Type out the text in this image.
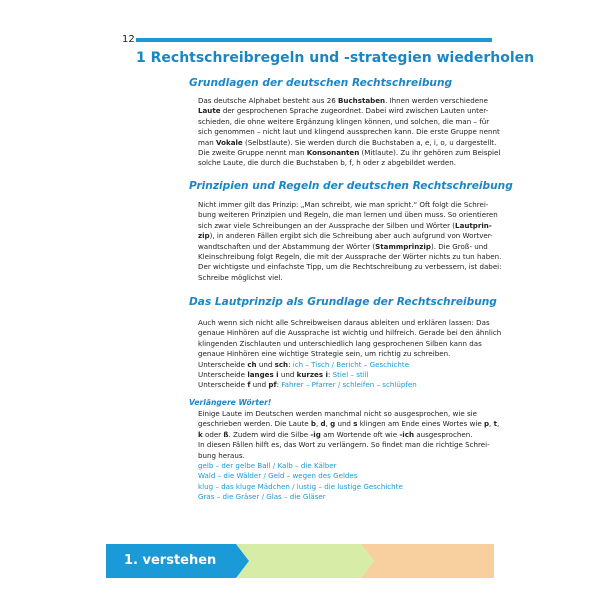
12
1 Rechtschreibregeln und -strategien wiederholen
Grundlagen der deutschen Rechtschreibung
Das deutsche Alphabet besteht aus 26 Buchstaben. Ihnen werden verschiedene
Laute der gesprochenen Sprache zugeordnet. Dabei wird zwischen Lauten unter-
schieden, die ohne weitere Ergänzung klingen können, und solchen, die man – für
sich genommen – nicht laut und klingend aussprechen kann. Die erste Gruppe nennt
man Vokale (Selbstlaute). Sie werden durch die Buchstaben a, e, i, o, u dargestellt.
Die zweite Gruppe nennt man Konsonanten (Mitlaute). Zu ihr gehören zum Beispiel
solche Laute, die durch die Buchstaben b, f, h oder z abgebildet werden.
Prinzipien und Regeln der deutschen Rechtschreibung
Nicht immer gilt das Prinzip: „Man schreibt, wie man spricht.“ Oft folgt die Schrei-
bung weiteren Prinzipien und Regeln, die man lernen und üben muss. So orientieren
sich zwar viele Schreibungen an der Aussprache der Silben und Wörter (Lautprin-
zip), in anderen Fällen ergibt sich die Schreibung aber auch aufgrund von Wortver-
wandtschaften und der Abstammung der Wörter (Stammprinzip). Die Groß- und
Kleinschreibung folgt Regeln, die mit der Aussprache der Wörter nichts zu tun haben.
Der wichtigste und einfachste Tipp, um die Rechtschreibung zu verbessern, ist dabei:
Schreibe möglichst viel.
Das Lautprinzip als Grundlage der Rechtschreibung
Auch wenn sich nicht alle Schreibweisen daraus ableiten und erklären lassen: Das
genaue Hinhören auf die Aussprache ist wichtig und hilfreich. Gerade bei den ähnlich
klingenden Zischlauten und unterschiedlich lang gesprochenen Silben kann das
genaue Hinhören eine wichtige Strategie sein, um richtig zu schreiben.
Unterscheide ch und sch: ich – Tisch / Bericht – Geschichte
Unterscheide langes i und kurzes i: Stiel – still
Unterscheide f und pf: Fahrer – Pfarrer / schleifen – schlüpfen
Verlängere Wörter!
Einige Laute im Deutschen werden manchmal nicht so ausgesprochen, wie sie
geschrieben werden. Die Laute b, d, g und s klingen am Ende eines Wortes wie p, t,
k oder ß. Zudem wird die Silbe -ig am Wortende oft wie -ich ausgesprochen.
In diesen Fällen hilft es, das Wort zu verlängern. So findet man die richtige Schrei-
bung heraus.
gelb – der gelbe Ball / Kalb – die Kälber
Wald – die Wälder / Geld – wegen des Geldes
klug – das kluge Mädchen / lustig – die lustige Geschichte
Gras – die Gräser / Glas – die Gläser
1. verstehen
